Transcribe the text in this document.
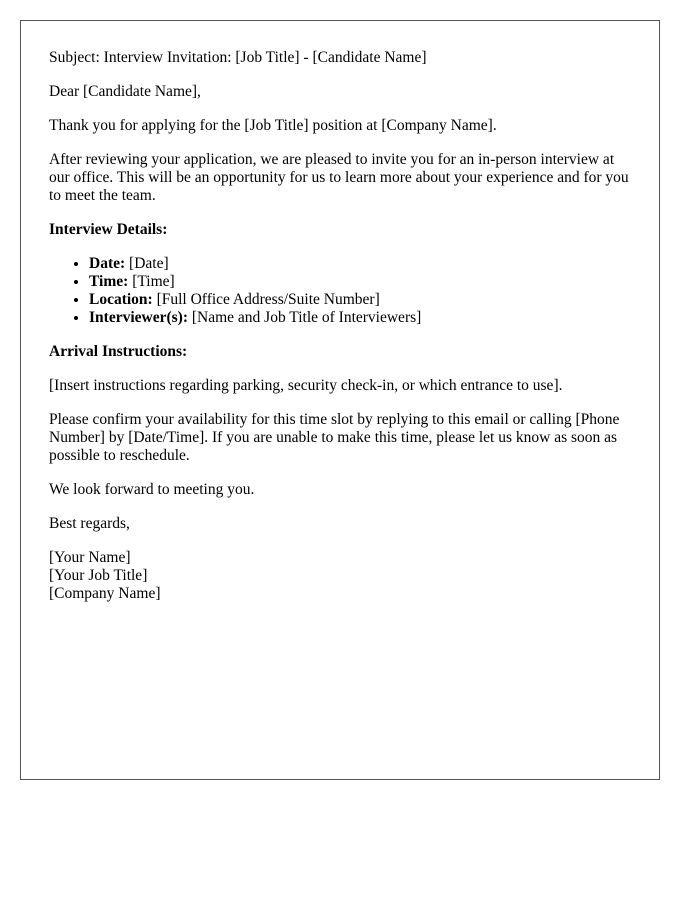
Subject: Interview Invitation: [Job Title] - [Candidate Name]

Dear [Candidate Name],

Thank you for applying for the [Job Title] position at [Company Name].

After reviewing your application, we are pleased to invite you for an in-person interview at our office. This will be an opportunity for us to learn more about your experience and for you to meet the team.

Interview Details:

• Date: [Date]
• Time: [Time]
• Location: [Full Office Address/Suite Number]
• Interviewer(s): [Name and Job Title of Interviewers]

Arrival Instructions:

[Insert instructions regarding parking, security check-in, or which entrance to use].

Please confirm your availability for this time slot by replying to this email or calling [Phone Number] by [Date/Time]. If you are unable to make this time, please let us know as soon as possible to reschedule.

We look forward to meeting you.

Best regards,

[Your Name]
[Your Job Title]
[Company Name]
